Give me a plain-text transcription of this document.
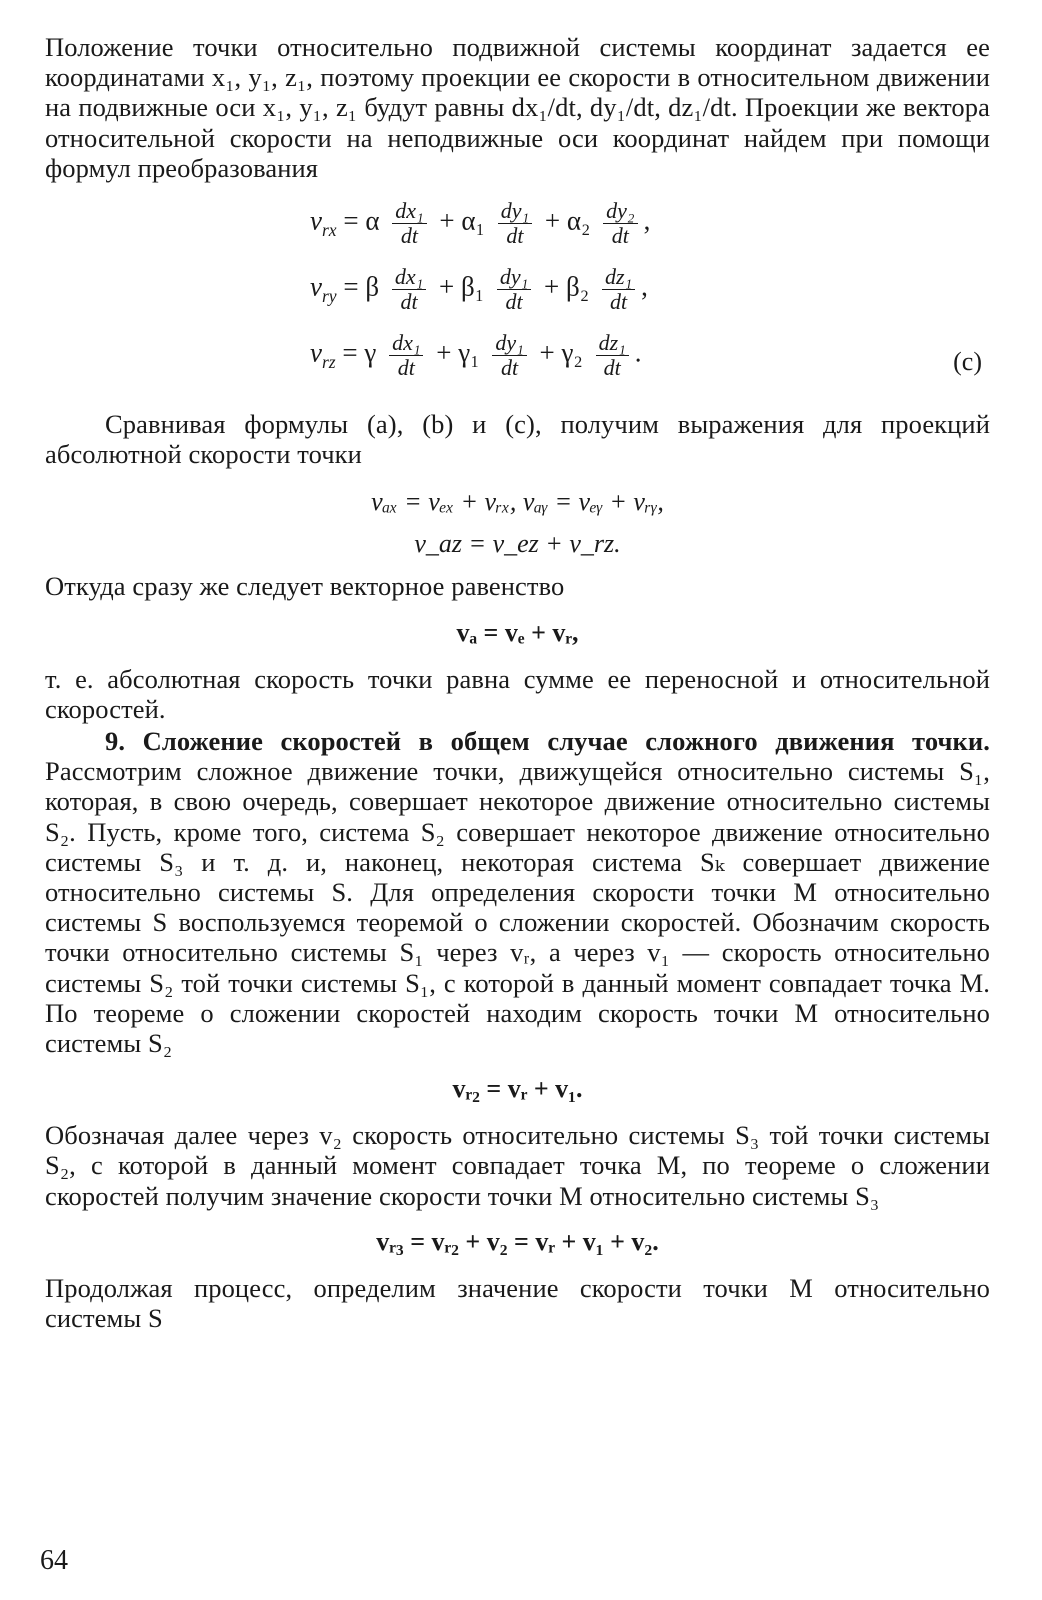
Положение точки относительно подвижной системы координат задается ее координатами x₁, y₁, z₁, поэтому проекции ее скорости в относительном движении на подвижные оси x₁, y₁, z₁ будут равны dx₁/dt, dy₁/dt, dz₁/dt. Проекции же вектора относительной скорости на неподвижные оси координат найдем при помощи формул преобразования

$v_{rx} = \alpha \frac{\text{dx₁}}{dt} + \alpha_1 \frac{\text{dy₁}}{dt} + \alpha_2 \frac{\text{dy₂}}{dt}$ ,
$v_{ry} = \beta \frac{\text{dx₁}}{dt} + \beta_1 \frac{\text{dy₁}}{dt} + \beta_2 \frac{\text{dz₁}}{dt}$ ,
$v_{rz} = \gamma \frac{\text{dx₁}}{dt} + \gamma_1 \frac{\text{dy₁}}{dt} + \gamma_2 \frac{\text{dz₁}}{dt}$ .	(c)

Сравнивая формулы (a), (b) и (c), получим выражения для проекций абсолютной скорости точки

vₐₓ = vₑₓ + vᵣₓ, vₐᵧ = vₑᵧ + vᵣᵧ,
v_az = v_ez + v_rz.

Откуда сразу же следует векторное равенство

vₐ = vₑ + vᵣ,

т. е. абсолютная скорость точки равна сумме ее переносной и относительной скоростей.

9. Сложение скоростей в общем случае сложного движения точки. Рассмотрим сложное движение точки, движущейся относительно системы S₁, которая, в свою очередь, совершает некоторое движение относительно системы S₂. Пусть, кроме того, система S₂ совершает некоторое движение относительно системы S₃ и т. д. и, наконец, некоторая система Sₖ совершает движение относительно системы S. Для определения скорости точки M относительно системы S воспользуемся теоремой о сложении скоростей. Обозначим скорость точки относительно системы S₁ через vᵣ, а через v₁ — скорость относительно системы S₂ той точки системы S₁, с которой в данный момент совпадает точка M. По теореме о сложении скоростей находим скорость точки M относительно системы S₂

vᵣ₂ = vᵣ + v₁.

Обозначая далее через v₂ скорость относительно системы S₃ той точки системы S₂, с которой в данный момент совпадает точка M, по теореме о сложении скоростей получим значение скорости точки M относительно системы S₃

vᵣ₃ = vᵣ₂ + v₂ = vᵣ + v₁ + v₂.

Продолжая процесс, определим значение скорости точки M относительно системы S

64
